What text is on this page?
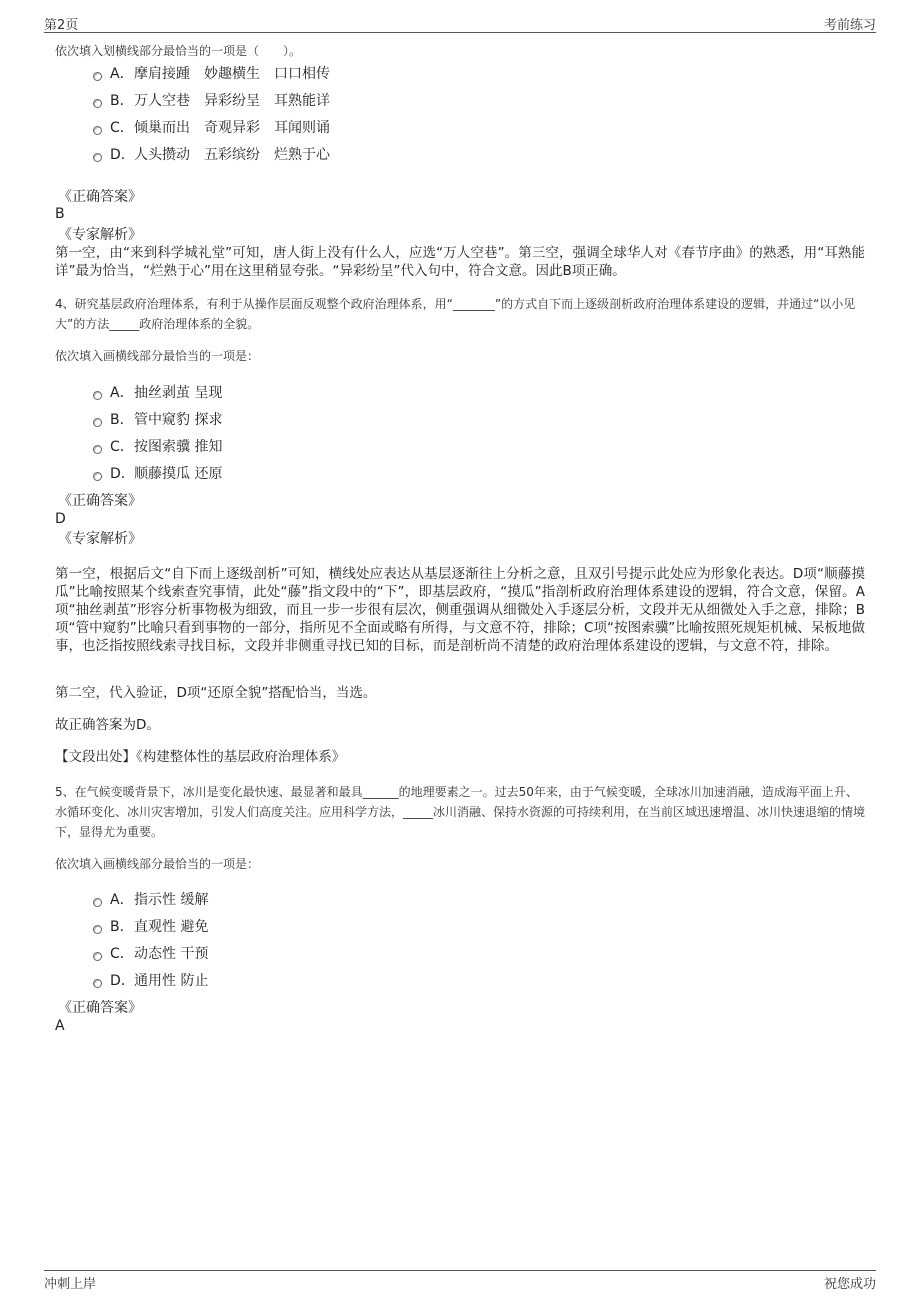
第2页	考前练习
依次填入划横线部分最恰当的一项是（　　）。
A． 摩肩接踵　妙趣横生　口口相传
B． 万人空巷　异彩纷呈　耳熟能详
C． 倾巢而出　奇观异彩　耳闻则诵
D． 人头攒动　五彩缤纷　烂熟于心
《正确答案》
B
《专家解析》
第一空，由“来到科学城礼堂”可知，唐人街上没有什么人，应选“万人空巷”。第三空，强调全球华人对《春节序曲》的熟悉，用“耳熟能详”最为恰当，“烂熟于心”用在这里稍显夸张。“异彩纷呈”代入句中，符合文意。因此B项正确。
4、研究基层政府治理体系，有利于从操作层面反观整个政府治理体系，用“_______”的方式自下而上逐级剖析政府治理体系建设的逻辑，并通过“以小见大”的方法_____政府治理体系的全貌。
依次填入画横线部分最恰当的一项是：
A． 抽丝剥茧 呈现
B． 管中窥豹 探求
C． 按图索骥 推知
D． 顺藤摸瓜 还原
《正确答案》
D
《专家解析》
第一空，根据后文“自下而上逐级剖析”可知，横线处应表达从基层逐渐往上分析之意，且双引号提示此处应为形象化表达。D项“顺藤摸瓜”比喻按照某个线索查究事情，此处“藤”指文段中的“下”，即基层政府，“摸瓜”指剖析政府治理体系建设的逻辑，符合文意，保留。A项“抽丝剥茧”形容分析事物极为细致，而且一步一步很有层次，侧重强调从细微处入手逐层分析，文段并无从细微处入手之意，排除；B项“管中窥豹”比喻只看到事物的一部分，指所见不全面或略有所得，与文意不符，排除；C项“按图索骥”比喻按照死规矩机械、呆板地做事，也泛指按照线索寻找目标，文段并非侧重寻找已知的目标，而是剖析尚不清楚的政府治理体系建设的逻辑，与文意不符，排除。
第二空，代入验证，D项“还原全貌”搭配恰当，当选。
故正确答案为D。
【文段出处】《构建整体性的基层政府治理体系》
5、在气候变暖背景下，冰川是变化最快速、最显著和最具______的地理要素之一。过去50年来，由于气候变暖，全球冰川加速消融，造成海平面上升、水循环变化、冰川灾害增加，引发人们高度关注。应用科学方法，_____冰川消融、保持水资源的可持续利用，在当前区域迅速增温、冰川快速退缩的情境下，显得尤为重要。
依次填入画横线部分最恰当的一项是：
A． 指示性 缓解
B． 直观性 避免
C． 动态性 干预
D． 通用性 防止
《正确答案》
A
冲刺上岸	祝您成功
